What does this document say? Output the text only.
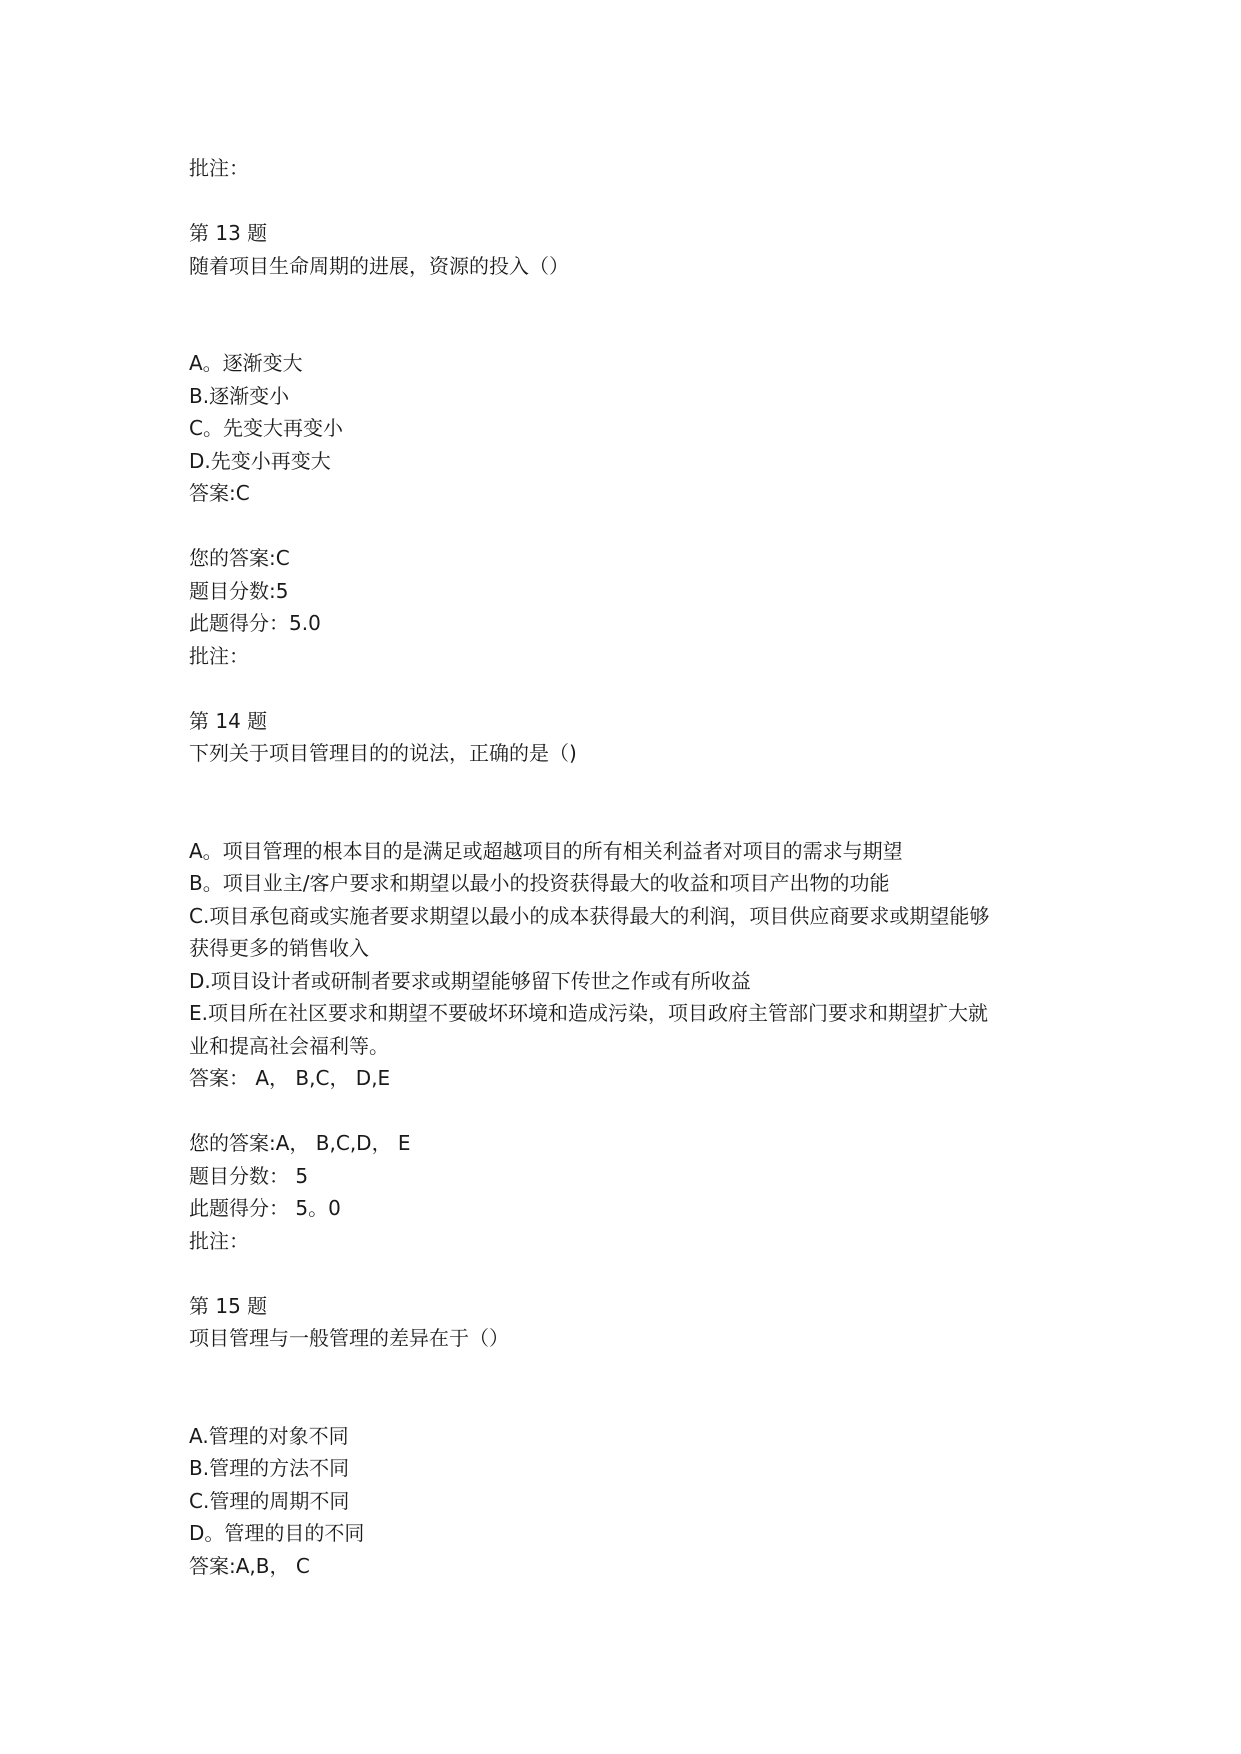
批注：
第 13 题
随着项目生命周期的进展，资源的投入（）
A。逐渐变大
B.逐渐变小
C。先变大再变小
D.先变小再变大
答案:C
您的答案:C
题目分数:5
此题得分：5.0
批注：
第 14 题
下列关于项目管理目的的说法，正确的是（)
A。项目管理的根本目的是满足或超越项目的所有相关利益者对项目的需求与期望
B。项目业主/客户要求和期望以最小的投资获得最大的收益和项目产出物的功能
C.项目承包商或实施者要求期望以最小的成本获得最大的利润，项目供应商要求或期望能够
获得更多的销售收入
D.项目设计者或研制者要求或期望能够留下传世之作或有所收益
E.项目所在社区要求和期望不要破坏环境和造成污染，项目政府主管部门要求和期望扩大就
业和提高社会福利等。
答案： A， B,C， D,E
您的答案:A， B,C,D， E
题目分数： 5
此题得分： 5。0
批注：
第 15 题
项目管理与一般管理的差异在于（）
A.管理的对象不同
B.管理的方法不同
C.管理的周期不同
D。管理的目的不同
答案:A,B， C
